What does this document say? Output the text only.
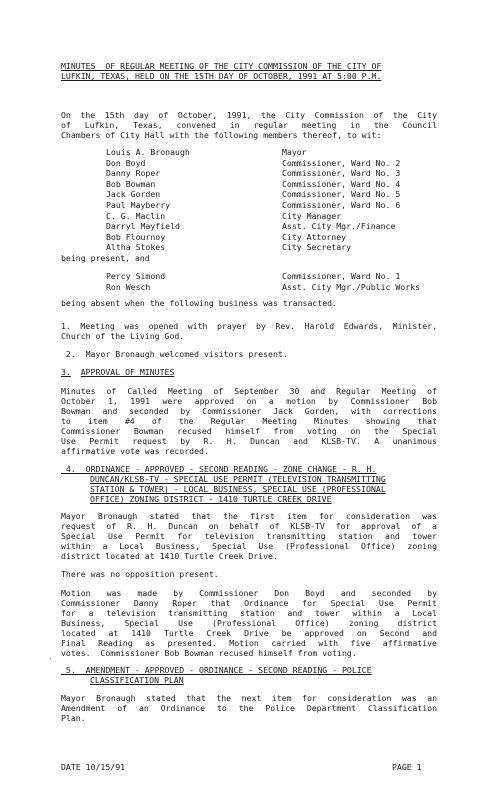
MINUTES  OF REGULAR MEETING OF THE CITY COMMISSION OF THE CITY OF
LUFKIN, TEXAS, HELD ON THE 15TH DAY OF OCTOBER, 1991 AT 5:00 P.M.
On the 15th day of October, 1991, the City Commission of the City
of Lufkin, Texas, convened in regular meeting in the Council
Chambers of City Hall with the following members thereof, to wit:
Louis A. Bronaugh	Mayor
Don Boyd	Commissioner, Ward No. 2
Danny Roper	Commissioner, Ward No. 3
Bob Bowman	Commissioner, Ward No. 4
Jack Gorden	Commissioner, Ward No. 5
Paul Mayberry	Commissioner, Ward No. 6
C. G. Maclin	City Manager
Darryl Mayfield	Asst. City Mgr./Finance
Bob Flournoy	City Attorney
Altha Stokes	City Secretary
being present, and
Percy Simond	Commissioner, Ward No. 1
Ron Wesch	Asst. City Mgr./Public Works
being absent when the following business was transacted.
1. Meeting was opened with prayer by Rev. Harold Edwards, Minister,
Church of the Living God.
2.  Mayor Bronaugh welcomed visitors present.
3. APPROVAL OF MINUTES
Minutes of Called Meeting of September 30 and Regular Meeting of
October 1, 1991 were approved on a motion by Commissioner Bob
Bowman and seconded by Commissioner Jack Gorden, with corrections
to item #4 of the Regular Meeting Minutes showing that
Commissioner Bowman recused himself from voting on the Special
Use Permit request by R. H. Duncan and KLSB-TV. A unanimous
affirmative vote was recorded.
4.  ORDINANCE - APPROVED - SECOND READING - ZONE CHANGE - R. H.
DUNCAN/KLSB-TV - SPECIAL USE PERMIT (TELEVISION TRANSMITTING
STATION & TOWER) - LOCAL BUSINESS, SPECIAL USE (PROFESSIONAL
OFFICE) ZONING DISTRICT - 1410 TURTLE CREEK DRIVE
Mayor Bronaugh stated that the first item for consideration was
request of R. H. Duncan on behalf of KLSB-TV for approval of a
Special Use Permit for television transmitting station and tower
within a Local Business, Special Use (Professional Office) zoning
district located at 1410 Turtle Creek Drive.
There was no opposition present.
Motion was made by Commissioner Don Boyd and seconded by
Commissioner Danny Roper that Ordinance for Special Use Permit
for a television transmitting station and tower within a Local
Business, Special Use (Professional Office) zoning district
located at 1410 Turtle Creek Drive be approved on Second and
Final Reading as presented. Motion carried with five affirmative
votes.  Commissioner Bob Bowman recused himself from voting.
`
5.  AMENDMENT - APPROVED - ORDINANCE - SECOND READING - POLICE
CLASSIFICATION PLAN
Mayor Bronaugh stated that the next item for consideration was an
Amendment of an Ordinance to the Police Department Classification
Plan.
DATE 10/15/91	PAGE 1
